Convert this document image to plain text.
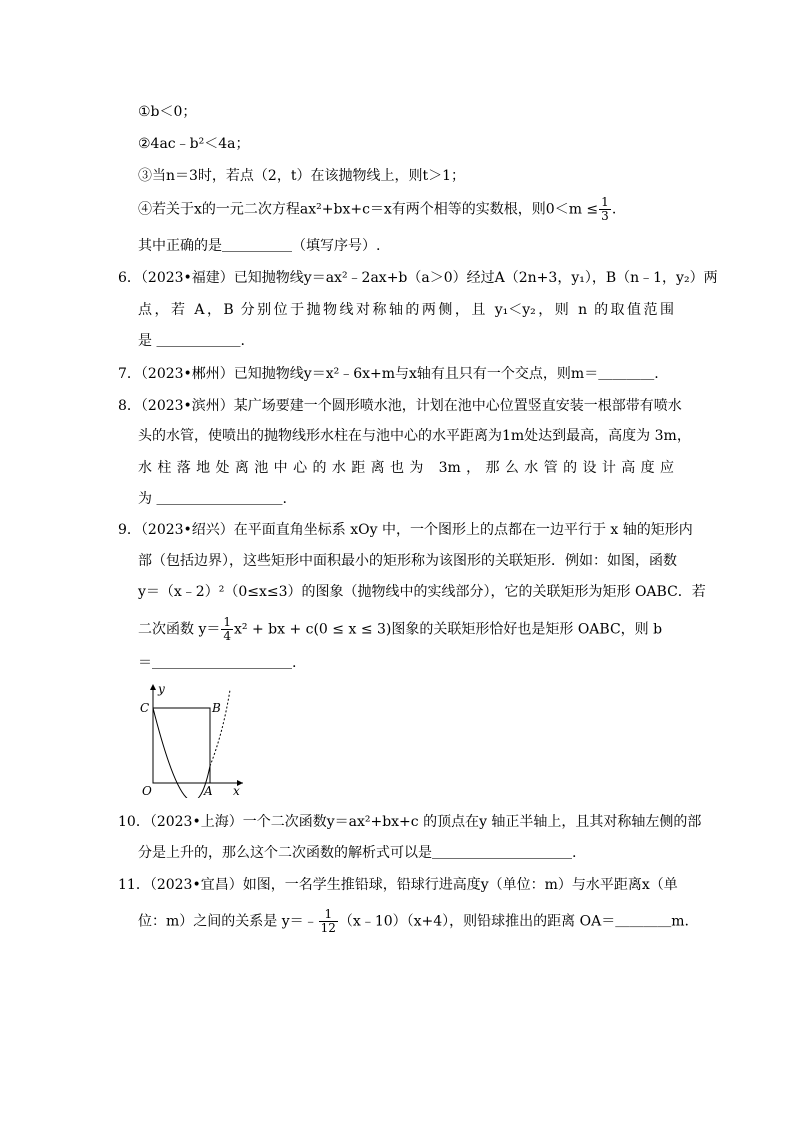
①b＜0；
②4ac﹣b²＜4a；
③当n＝3时，若点（2，t）在该抛物线上，则t＞1；
④若关于x的一元二次方程ax²+bx+c＝x有两个相等的实数根，则$0<m \le \frac{1}{3}$ .
其中正确的是＿＿＿＿＿（填写序号）.
6．（2023•福建）已知抛物线y＝ax²﹣2ax+b（a＞0）经过A（2n+3，y₁），B（n﹣1，y₂）两
点，若 A，B 分别位于抛物线对称轴的两侧，且 y₁＜y₂，则 n 的取值范围
是 ＿＿＿＿＿＿.
7．（2023•郴州）已知抛物线y＝x²﹣6x+m与x轴有且只有一个交点，则m＝＿＿＿＿.
8．（2023•滨州）某广场要建一个圆形喷水池，计划在池中心位置竖直安装一根部带有喷水
头的水管，使喷出的抛物线形水柱在与池中心的水平距离为1m处达到最高，高度为 3m，
水柱落地处离池中心的水距离也为 3m，那么水管的设计高度应
为 ＿＿＿＿＿＿＿＿＿.
9．（2023•绍兴）在平面直角坐标系 xOy 中，一个图形上的点都在一边平行于 x 轴的矩形内
部（包括边界），这些矩形中面积最小的矩形称为该图形的关联矩形．例如：如图，函数
y＝（x﹣2）²（0≤x≤3）的图象（抛物线中的实线部分），它的关联矩形为矩形 OABC．若
二次函数 $y= \frac{1}{4} x^2$ + bx + c(0 ≤ x ≤ 3)图象的关联矩形恰好也是矩形 OABC，则 b
＝＿＿＿＿＿＿＿＿＿＿.
y
C	B
O	A x
10．（2023•上海）一个二次函数y＝ax²+bx+c 的顶点在y 轴正半轴上，且其对称轴左侧的部
分是上升的，那么这个二次函数的解析式可以是＿＿＿＿＿＿＿＿＿＿.
11．（2023•宜昌）如图，一名学生推铅球，铅球行进高度y（单位：m）与水平距离x（单
位：m）之间的关系是 y＝﹣ $\frac{1}{12}$ （x﹣10）（x+4），则铅球推出的距离 OA＝＿＿＿＿m.
